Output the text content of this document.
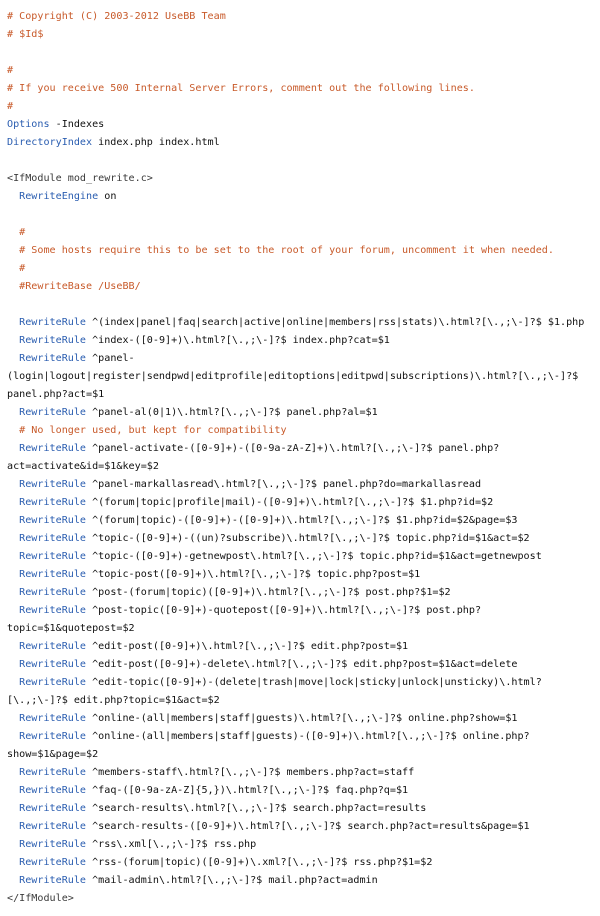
# Copyright (C) 2003-2012 UseBB Team
# $Id$
#
# If you receive 500 Internal Server Errors, comment out the following lines.
#
Options -Indexes
DirectoryIndex index.php index.html
<IfModule mod_rewrite.c>
RewriteEngine on
#
# Some hosts require this to be set to the root of your forum, uncomment it when needed.
#
#RewriteBase /UseBB/
RewriteRule ^(index|panel|faq|search|active|online|members|rss|stats)\.html?[\.,;\-]?$ $1.php
RewriteRule ^index-([0-9]+)\.html?[\.,;\-]?$ index.php?cat=$1
RewriteRule ^panel-(login|logout|register|sendpwd|editprofile|editoptions|editpwd|subscriptions)\.html?[\.,;\-]?$ panel.php?act=$1
RewriteRule ^panel-al(0|1)\.html?[\.,;\-]?$ panel.php?al=$1
# No longer used, but kept for compatibility
RewriteRule ^panel-activate-([0-9]+)-([0-9a-zA-Z]+)\.html?[\.,;\-]?$ panel.php?act=activate&id=$1&key=$2
RewriteRule ^panel-markallasread\.html?[\.,;\-]?$ panel.php?do=markallasread
RewriteRule ^(forum|topic|profile|mail)-([0-9]+)\.html?[\.,;\-]?$ $1.php?id=$2
RewriteRule ^(forum|topic)-([0-9]+)-([0-9]+)\.html?[\.,;\-]?$ $1.php?id=$2&page=$3
RewriteRule ^topic-([0-9]+)-((un)?subscribe)\.html?[\.,;\-]?$ topic.php?id=$1&act=$2
RewriteRule ^topic-([0-9]+)-getnewpost\.html?[\.,;\-]?$ topic.php?id=$1&act=getnewpost
RewriteRule ^topic-post([0-9]+)\.html?[\.,;\-]?$ topic.php?post=$1
RewriteRule ^post-(forum|topic)([0-9]+)\.html?[\.,;\-]?$ post.php?$1=$2
RewriteRule ^post-topic([0-9]+)-quotepost([0-9]+)\.html?[\.,;\-]?$ post.php?topic=$1&quotepost=$2
RewriteRule ^edit-post([0-9]+)\.html?[\.,;\-]?$ edit.php?post=$1
RewriteRule ^edit-post([0-9]+)-delete\.html?[\.,;\-]?$ edit.php?post=$1&act=delete
RewriteRule ^edit-topic([0-9]+)-(delete|trash|move|lock|sticky|unlock|unsticky)\.html?[\.,;\-]?$ edit.php?topic=$1&act=$2
RewriteRule ^online-(all|members|staff|guests)\.html?[\.,;\-]?$ online.php?show=$1
RewriteRule ^online-(all|members|staff|guests)-([0-9]+)\.html?[\.,;\-]?$ online.php?show=$1&page=$2
RewriteRule ^members-staff\.html?[\.,;\-]?$ members.php?act=staff
RewriteRule ^faq-([0-9a-zA-Z]{5,})\.html?[\.,;\-]?$ faq.php?q=$1
RewriteRule ^search-results\.html?[\.,;\-]?$ search.php?act=results
RewriteRule ^search-results-([0-9]+)\.html?[\.,;\-]?$ search.php?act=results&page=$1
RewriteRule ^rss\.xml[\.,;\-]?$ rss.php
RewriteRule ^rss-(forum|topic)([0-9]+)\.xml?[\.,;\-]?$ rss.php?$1=$2
RewriteRule ^mail-admin\.html?[\.,;\-]?$ mail.php?act=admin
</IfModule>
